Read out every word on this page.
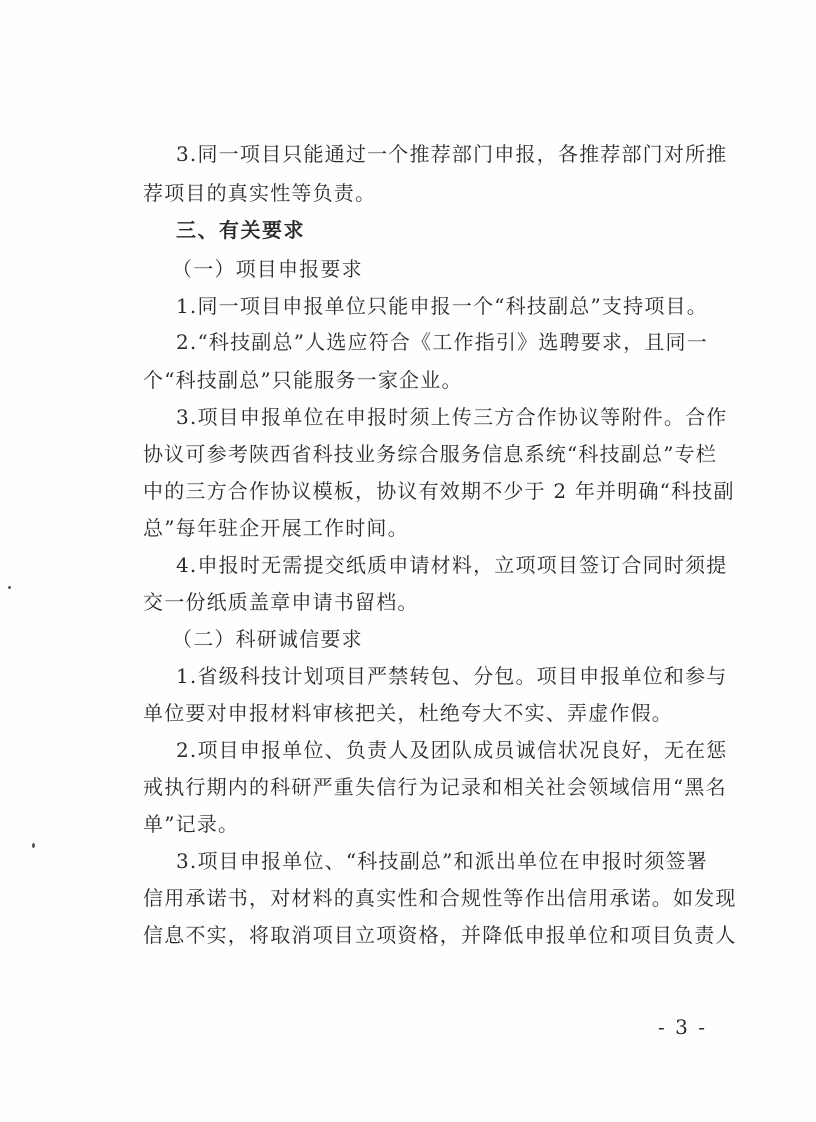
3.同一项目只能通过一个推荐部门申报，各推荐部门对所推
荐项目的真实性等负责。
三、有关要求
（一）项目申报要求
1.同一项目申报单位只能申报一个“科技副总”支持项目。
2.“科技副总”人选应符合《工作指引》选聘要求，且同一
个“科技副总”只能服务一家企业。
3.项目申报单位在申报时须上传三方合作协议等附件。合作
协议可参考陕西省科技业务综合服务信息系统“科技副总”专栏
中的三方合作协议模板，协议有效期不少于 2 年并明确“科技副
总”每年驻企开展工作时间。
4.申报时无需提交纸质申请材料，立项项目签订合同时须提
交一份纸质盖章申请书留档。
（二）科研诚信要求
1.省级科技计划项目严禁转包、分包。项目申报单位和参与
单位要对申报材料审核把关，杜绝夸大不实、弄虚作假。
2.项目申报单位、负责人及团队成员诚信状况良好，无在惩
戒执行期内的科研严重失信行为记录和相关社会领域信用“黑名
单”记录。
3.项目申报单位、“科技副总”和派出单位在申报时须签署
信用承诺书，对材料的真实性和合规性等作出信用承诺。如发现
信息不实，将取消项目立项资格，并降低申报单位和项目负责人
- 3 -
